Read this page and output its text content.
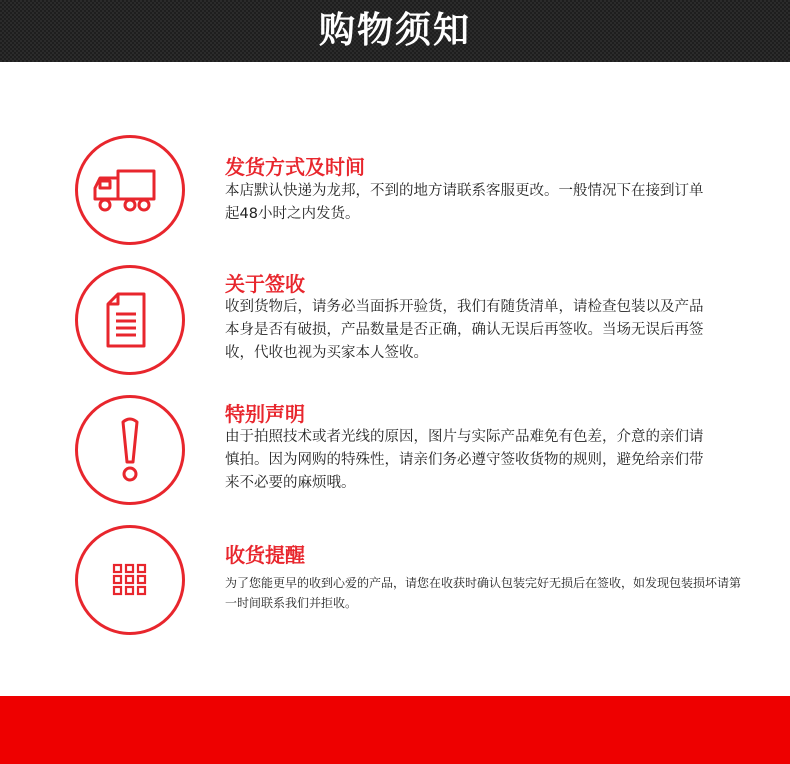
购物须知
发货方式及时间
本店默认快递为龙邦，不到的地方请联系客服更改。一般情况下在接到订单起48小时之内发货。
关于签收
收到货物后，请务必当面拆开验货，我们有随货清单，请检查包装以及产品本身是否有破损，产品数量是否正确，确认无误后再签收。当场无误后再签收，代收也视为买家本人签收。
特别声明
由于拍照技术或者光线的原因，图片与实际产品难免有色差，介意的亲们请慎拍。因为网购的特殊性，请亲们务必遵守签收货物的规则，避免给亲们带来不必要的麻烦哦。
收货提醒
为了您能更早的收到心爱的产品，请您在收获时确认包装完好无损后在签收，如发现包装损坏请第一时间联系我们并拒收。
